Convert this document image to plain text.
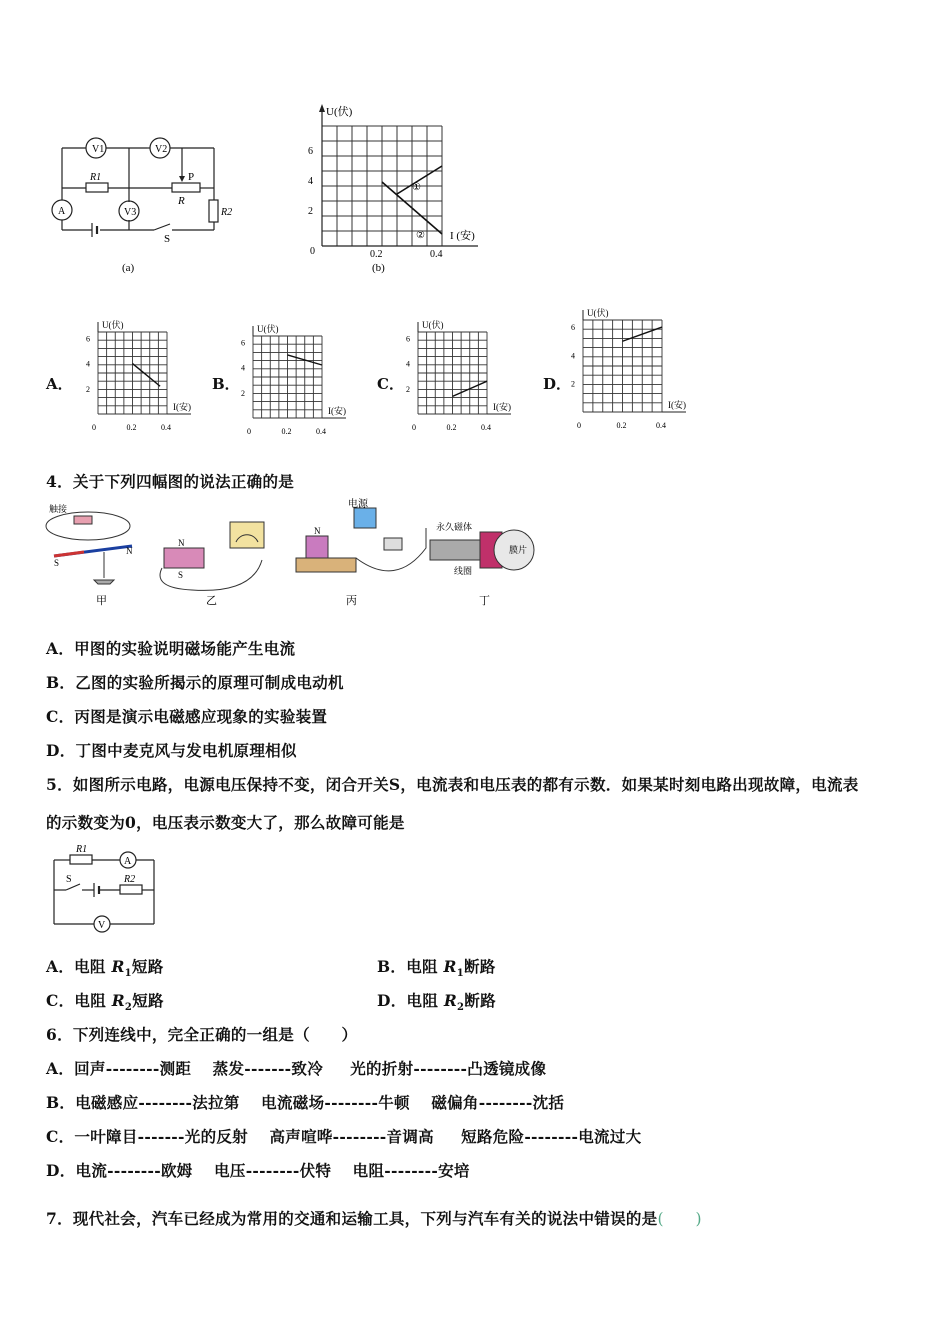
V1	V2
A	V3
R1
R
R2
P
S
(a)
U(伏)
I (安)
6
4
2
0	0.2	0.4
①
②
(b)
A．	B．	C．	D．
U(伏)
I(安)
6
4
2
0	0.2	0.4
U(伏)
I(安)
6
4
2
0	0.2	0.4
U(伏)
I(安)
6
4
2
0	0.2	0.4
U(伏)
I(安)
6
4
2
0	0.2	0.4
4．关于下列四幅图的说法正确的是
触接
S
N
甲
N
S
乙
N
电源
丙
永久磁体
膜片
线圈
丁
A．甲图的实验说明磁场能产生电流
B．乙图的实验所揭示的原理可制成电动机
C．丙图是演示电磁感应现象的实验装置
D．丁图中麦克风与发电机原理相似
5．如图所示电路，电源电压保持不变，闭合开关S，电流表和电压表的都有示数．如果某时刻电路出现故障，电流表
的示数变为0，电压表示数变大了，那么故障可能是
R1
A
S	R2
V
A．电阻 $R_1$短路	B．电阻 $R_1$断路
C．电阻 $R_2$短路	D．电阻 $R_2$断路
6．下列连线中，完全正确的一组是（　　）
A．回声--------测距　 蒸发-------致冷　  光的折射--------凸透镜成像
B．电磁感应--------法拉第　 电流磁场--------牛顿　 磁偏角--------沈括
C．一叶障目-------光的反射　 高声喧哗--------音调高　  短路危险--------电流过大
D．电流--------欧姆　 电压--------伏特　 电阻--------安培
7．现代社会，汽车已经成为常用的交通和运输工具，下列与汽车有关的说法中错误的是(　　)
